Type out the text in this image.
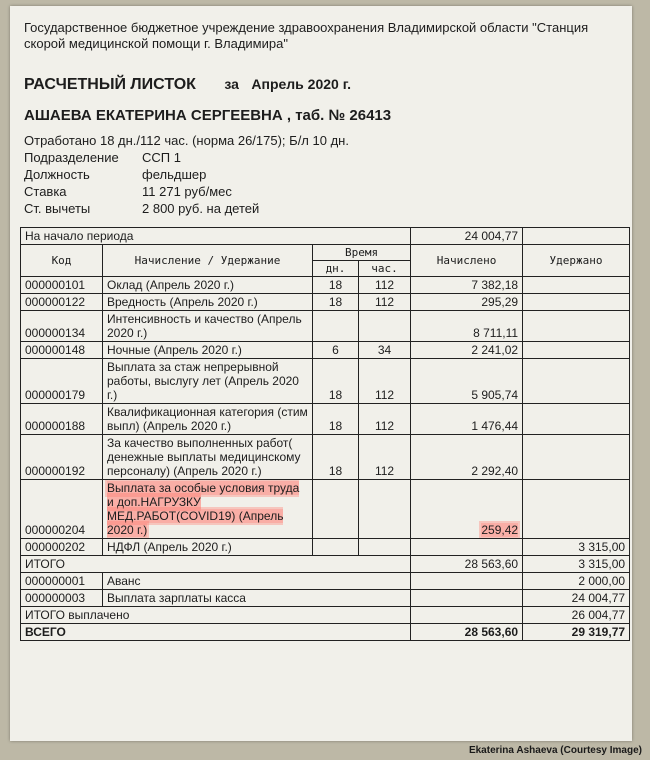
Государственное бюджетное учреждение здравоохранения Владимирской области "Станция
скорой медицинской помощи г. Владимира"
РАСЧЕТНЫЙ ЛИСТОК за Апрель 2020 г.
АШАЕВА ЕКАТЕРИНА СЕРГЕЕВНА , таб. № 26413
Отработано 18 дн./112 час. (норма 26/175); Б/л 10 дн.
Подразделение	ССП 1
Должность	фельдшер
Ставка	11 271 руб/мес
Ст. вычеты	2 800 руб. на детей
На начало периода				24 004,77	
Код	Начисление / Удержание	Время		Начислено	Удержано
		дн.	час.		
000000101	Оклад (Апрель 2020 г.)	18	112	7 382,18	
000000122	Вредность (Апрель 2020 г.)	18	112	295,29	
000000134	Интенсивность и качество (Апрель 2020 г.)			8 711,11	
000000148	Ночные (Апрель 2020 г.)	6	34	2 241,02	
000000179	Выплата за стаж непрерывной работы, выслугу лет (Апрель 2020 г.)	18	112	5 905,74	
000000188	Квалификационная категория (стим выпл) (Апрель 2020 г.)	18	112	1 476,44	
000000192	За качество выполненных работ( денежные выплаты медицинскому персоналу) (Апрель 2020 г.)	18	112	2 292,40	
000000204	Выплата за особые условия труда и доп.НАГРУЗКУ МЕД.РАБОТ(COVID19) (Апрель 2020 г.)			259,42	
000000202	НДФЛ (Апрель 2020 г.)				3 315,00
ИТОГО				28 563,60	3 315,00
000000001	Аванс				2 000,00
000000003	Выплата зарплаты касса				24 004,77
ИТОГО выплачено					26 004,77
ВСЕГО				28 563,60	29 319,77
Ekaterina Ashaeva (Courtesy Image)
